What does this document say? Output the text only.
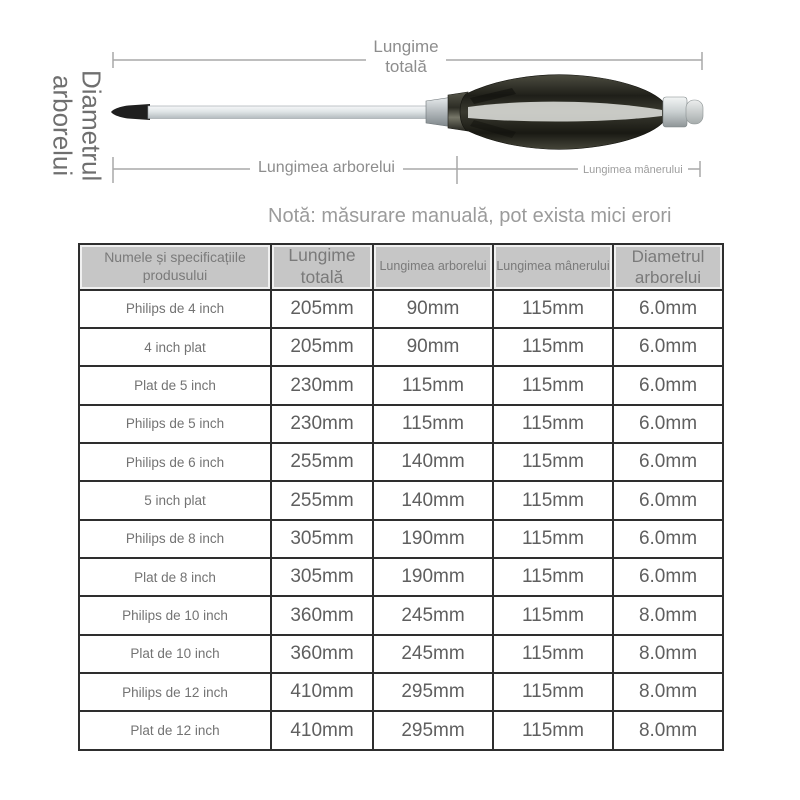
Diametrul arborelui
Lungime totală
Lungimea arborelui	Lungimea mânerului
Notă: măsurare manuală, pot exista mici erori
Numele și specificațiile produsului	Lungime totală	Lungimea arborelui	Lungimea mânerului	Diametrul arborelui
Philips de 4 inch	205mm	90mm	115mm	6.0mm
4 inch plat	205mm	90mm	115mm	6.0mm
Plat de 5 inch	230mm	115mm	115mm	6.0mm
Philips de 5 inch	230mm	115mm	115mm	6.0mm
Philips de 6 inch	255mm	140mm	115mm	6.0mm
5 inch plat	255mm	140mm	115mm	6.0mm
Philips de 8 inch	305mm	190mm	115mm	6.0mm
Plat de 8 inch	305mm	190mm	115mm	6.0mm
Philips de 10 inch	360mm	245mm	115mm	8.0mm
Plat de 10 inch	360mm	245mm	115mm	8.0mm
Philips de 12 inch	410mm	295mm	115mm	8.0mm
Plat de 12 inch	410mm	295mm	115mm	8.0mm
